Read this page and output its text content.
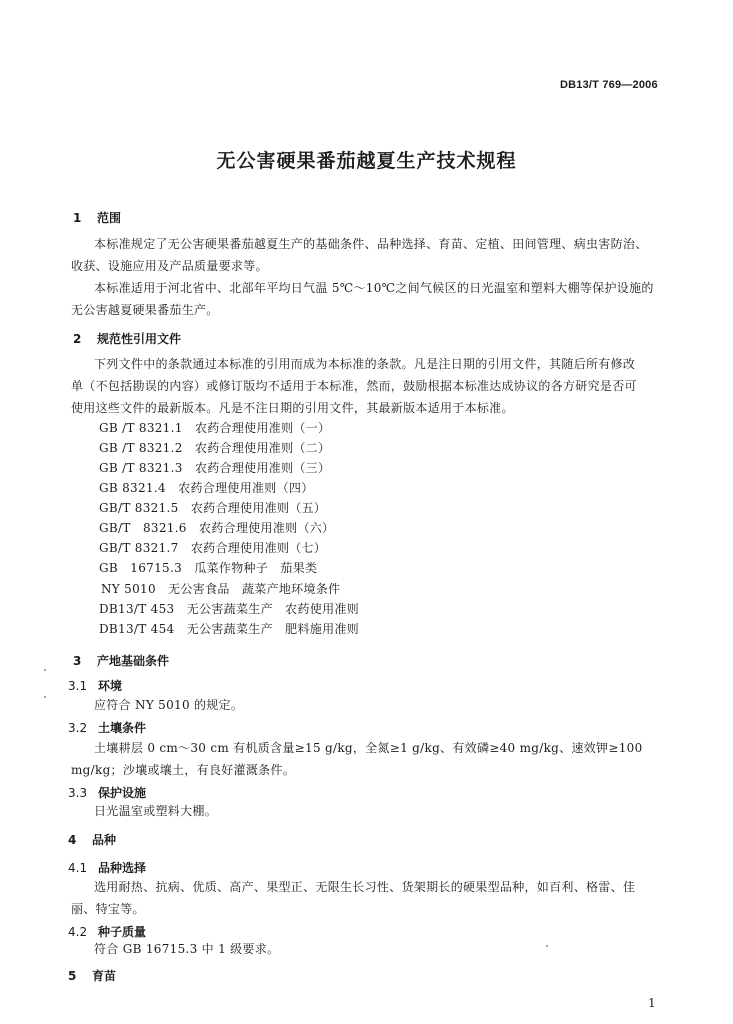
DB13/T 769—2006
无公害硬果番茄越夏生产技术规程
1 范围
本标准规定了无公害硬果番茄越夏生产的基础条件、品种选择、育苗、定植、田间管理、病虫害防治、
收获、设施应用及产品质量要求等。
本标准适用于河北省中、北部年平均日气温 5℃～10℃之间气候区的日光温室和塑料大棚等保护设施的
无公害越夏硬果番茄生产。
2 规范性引用文件
下列文件中的条款通过本标准的引用而成为本标准的条款。凡是注日期的引用文件，其随后所有修改
单（不包括勘误的内容）或修订版均不适用于本标准，然而，鼓励根据本标准达成协议的各方研究是否可
使用这些文件的最新版本。凡是不注日期的引用文件，其最新版本适用于本标准。
GB /T 8321.1　农药合理使用准则（一）
GB /T 8321.2　农药合理使用准则（二）
GB /T 8321.3　农药合理使用准则（三）
GB 8321.4　农药合理使用准则（四）
GB/T 8321.5　农药合理使用准则（五）
GB/T　8321.6　农药合理使用准则（六）
GB/T 8321.7　农药合理使用准则（七）
GB　16715.3　瓜菜作物种子　茄果类
NY 5010　无公害食品　蔬菜产地环境条件
DB13/T 453　无公害蔬菜生产　农药使用准则
DB13/T 454　无公害蔬菜生产　肥料施用准则
3 产地基础条件
3.1 环境
应符合 NY 5010 的规定。
3.2 土壤条件
土壤耕层 0 cm～30 cm 有机质含量≥15 g/kg，全氮≥1 g/kg、有效磷≥40 mg/kg、速效钾≥100
mg/kg；沙壤或壤土，有良好灌溉条件。
3.3 保护设施
日光温室或塑料大棚。
4 品种
4.1 品种选择
选用耐热、抗病、优质、高产、果型正、无限生长习性、货架期长的硬果型品种，如百利、格雷、佳
丽、特宝等。
4.2 种子质量
符合 GB 16715.3 中 1 级要求。
5 育苗
1
